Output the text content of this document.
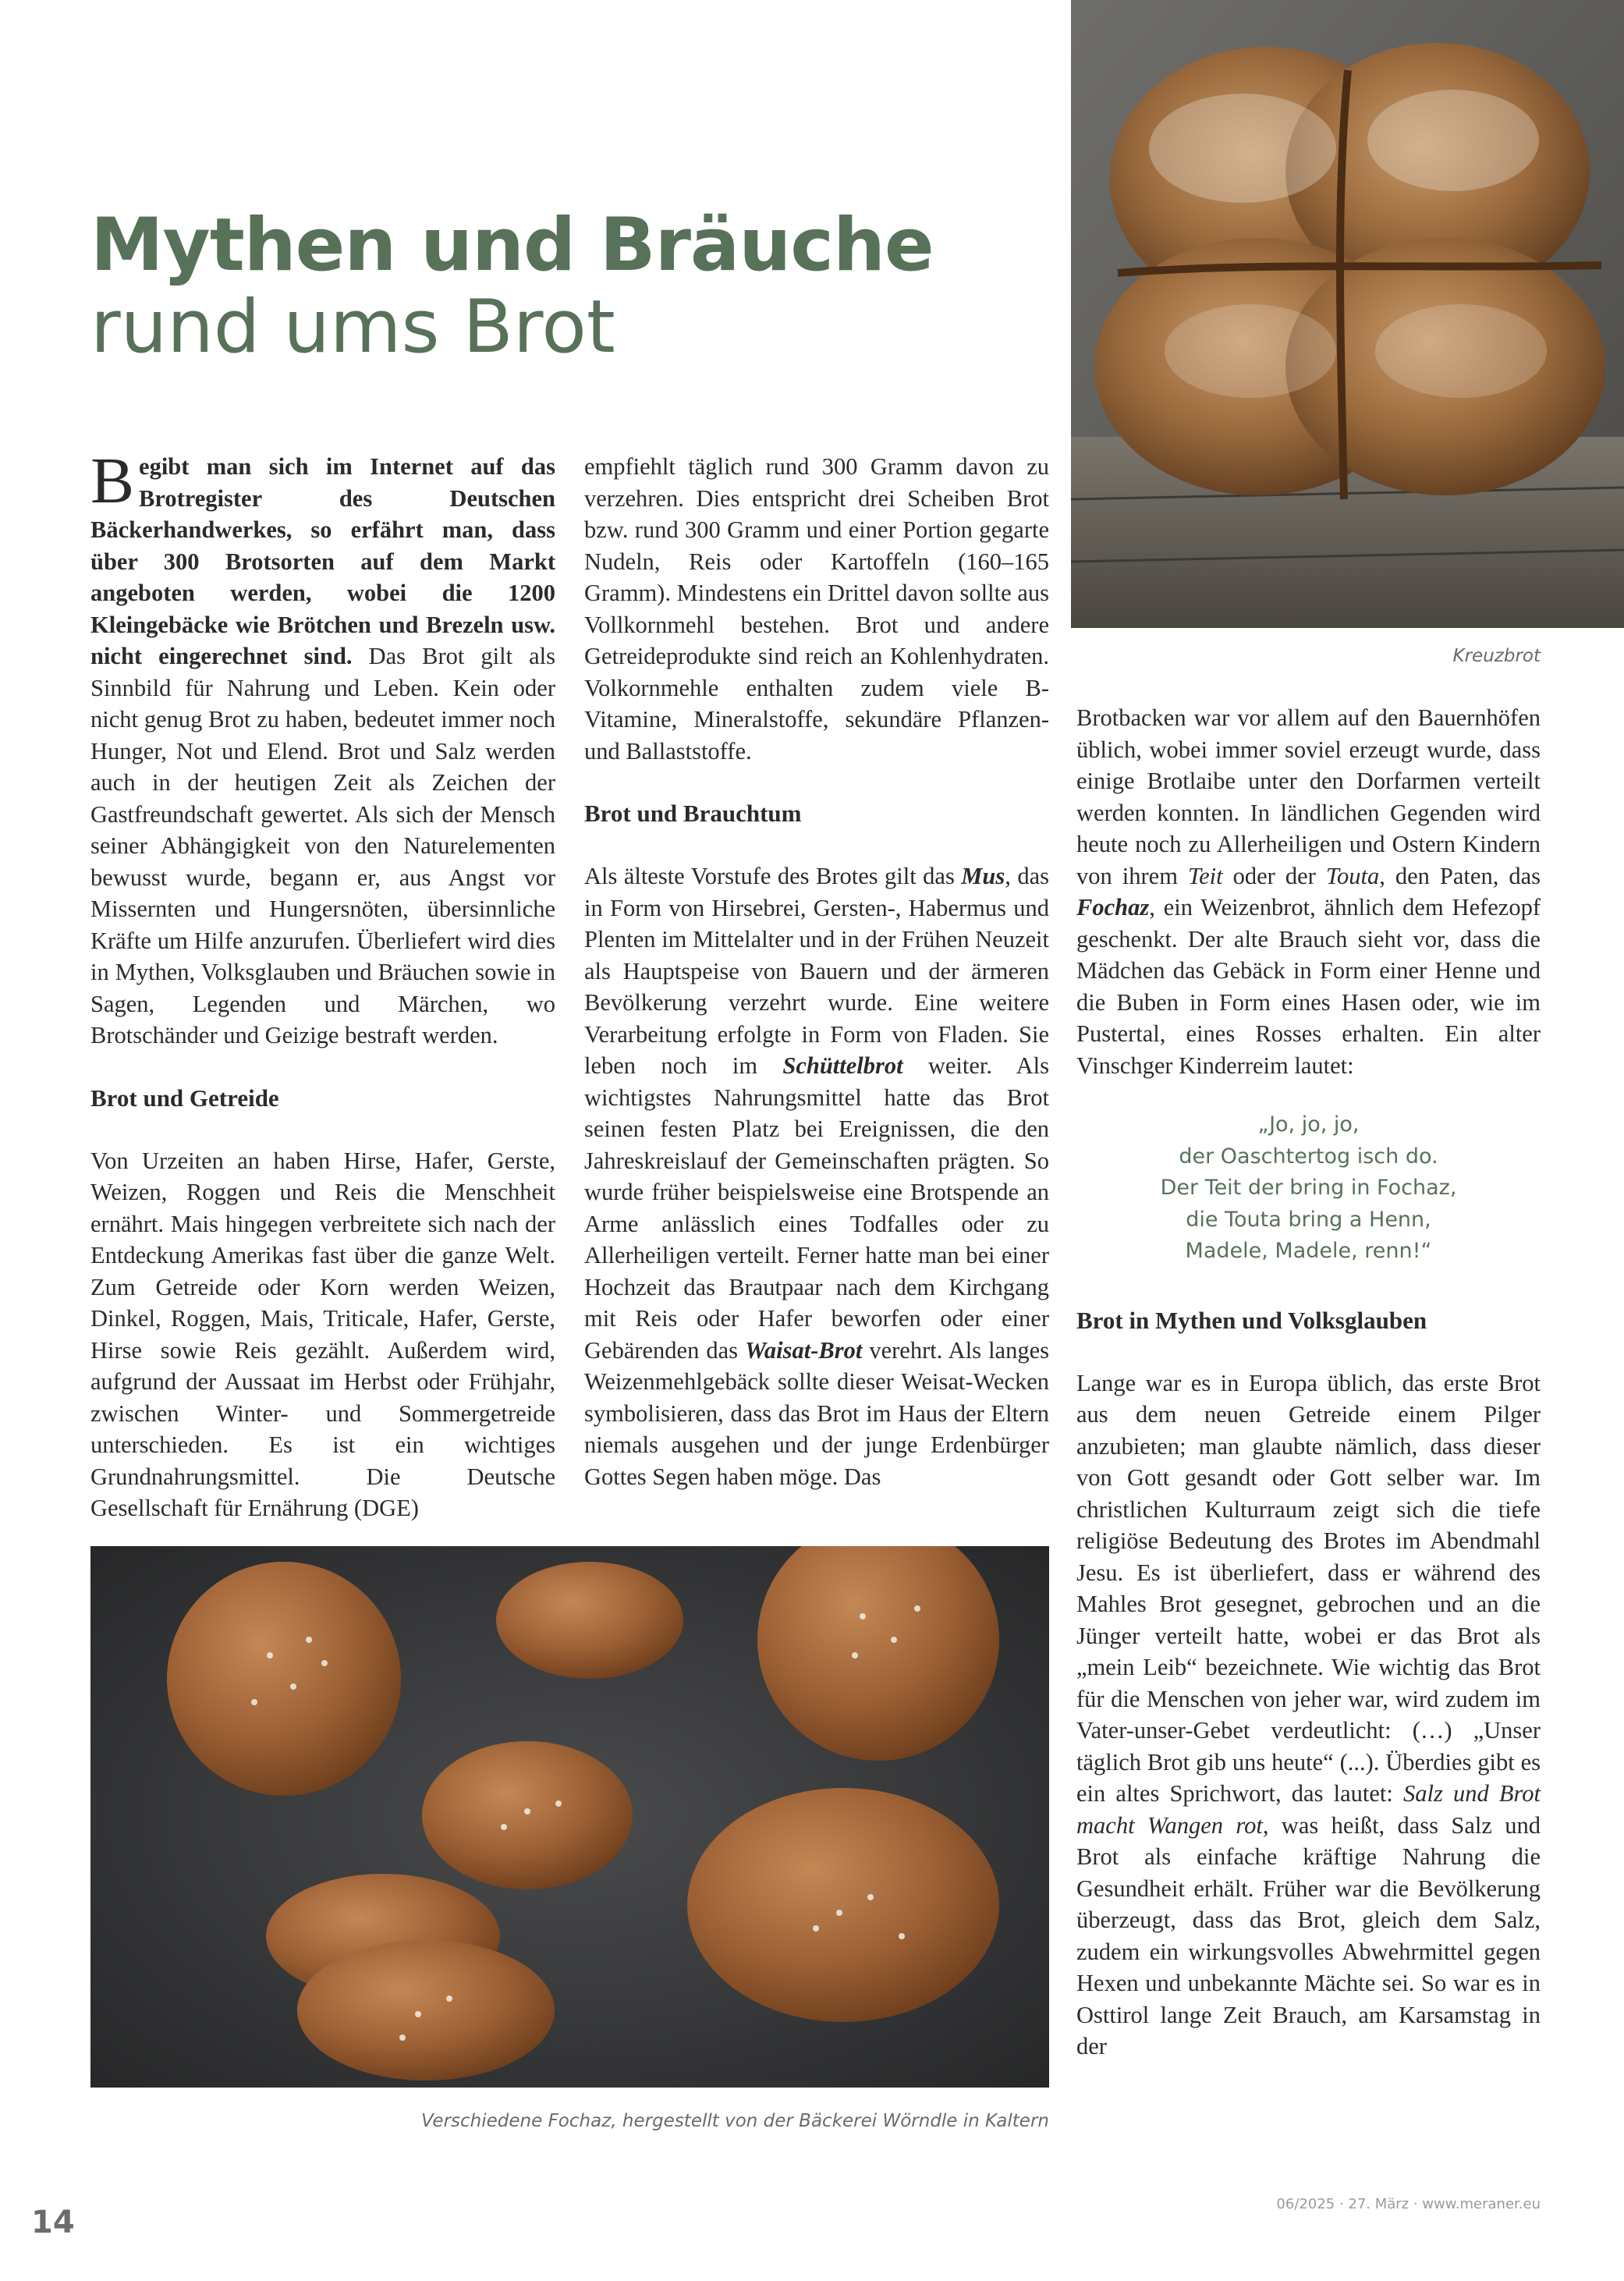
Mythen und Bräuche
rund ums Brot
Kreuzbrot

Begibt man sich im Internet auf das Brotregister des Deutschen Bäckerhandwerkes, so erfährt man, dass über 300 Brotsorten auf dem Markt angeboten werden, wobei die 1200 Kleingebäcke wie Brötchen und Brezeln usw. nicht eingerechnet sind. Das Brot gilt als Sinnbild für Nahrung und Leben. Kein oder nicht genug Brot zu haben, bedeutet immer noch Hunger, Not und Elend. Brot und Salz werden auch in der heutigen Zeit als Zeichen der Gastfreundschaft gewertet. Als sich der Mensch seiner Abhängigkeit von den Naturelementen bewusst wurde, begann er, aus Angst vor Missernten und Hungersnöten, übersinnliche Kräfte um Hilfe anzurufen. Überliefert wird dies in Mythen, Volksglauben und Bräuchen sowie in Sagen, Legenden und Märchen, wo Brotschänder und Geizige bestraft werden.

Brot und Getreide

Von Urzeiten an haben Hirse, Hafer, Gerste, Weizen, Roggen und Reis die Menschheit ernährt. Mais hingegen verbreitete sich nach der Entdeckung Amerikas fast über die ganze Welt. Zum Getreide oder Korn werden Weizen, Dinkel, Roggen, Mais, Triticale, Hafer, Gerste, Hirse sowie Reis gezählt. Außerdem wird, aufgrund der Aussaat im Herbst oder Frühjahr, zwischen Winter- und Sommergetreide unterschieden. Es ist ein wichtiges Grundnahrungsmittel. Die Deutsche Gesellschaft für Ernährung (DGE)

empfiehlt täglich rund 300 Gramm davon zu verzehren. Dies entspricht drei Scheiben Brot bzw. rund 300 Gramm und einer Portion gegarte Nudeln, Reis oder Kartoffeln (160–165 Gramm). Mindestens ein Drittel davon sollte aus Vollkornmehl bestehen. Brot und andere Getreideprodukte sind reich an Kohlenhydraten. Volkornmehle enthalten zudem viele B-Vitamine, Mineralstoffe, sekundäre Pflanzen- und Ballaststoffe.

Brot und Brauchtum

Als älteste Vorstufe des Brotes gilt das Mus, das in Form von Hirsebrei, Gersten-, Habermus und Plenten im Mittelalter und in der Frühen Neuzeit als Hauptspeise von Bauern und der ärmeren Bevölkerung verzehrt wurde. Eine weitere Verarbeitung erfolgte in Form von Fladen. Sie leben noch im Schüttelbrot weiter. Als wichtigstes Nahrungsmittel hatte das Brot seinen festen Platz bei Ereignissen, die den Jahreskreislauf der Gemeinschaften prägten. So wurde früher beispielsweise eine Brotspende an Arme anlässlich eines Todfalles oder zu Allerheiligen verteilt. Ferner hatte man bei einer Hochzeit das Brautpaar nach dem Kirchgang mit Reis oder Hafer beworfen oder einer Gebärenden das Waisat-Brot verehrt. Als langes Weizenmehlgebäck sollte dieser Weisat-Wecken symbolisieren, dass das Brot im Haus der Eltern niemals ausgehen und der junge Erdenbürger Gottes Segen haben möge. Das

Brotbacken war vor allem auf den Bauernhöfen üblich, wobei immer soviel erzeugt wurde, dass einige Brotlaibe unter den Dorfarmen verteilt werden konnten. In ländlichen Gegenden wird heute noch zu Allerheiligen und Ostern Kindern von ihrem Teit oder der Touta, den Paten, das Fochaz, ein Weizenbrot, ähnlich dem Hefezopf geschenkt. Der alte Brauch sieht vor, dass die Mädchen das Gebäck in Form einer Henne und die Buben in Form eines Hasen oder, wie im Pustertal, eines Rosses erhalten. Ein alter Vinschger Kinderreim lautet:

„Jo, jo, jo,
der Oaschtertog isch do.
Der Teit der bring in Fochaz,
die Touta bring a Henn,
Madele, Madele, renn!“
Brot in Mythen und Volksglauben

Lange war es in Europa üblich, das erste Brot aus dem neuen Getreide einem Pilger anzubieten; man glaubte nämlich, dass dieser von Gott gesandt oder Gott selber war. Im christlichen Kulturraum zeigt sich die tiefe religiöse Bedeutung des Brotes im Abendmahl Jesu. Es ist überliefert, dass er während des Mahles Brot gesegnet, gebrochen und an die Jünger verteilt hatte, wobei er das Brot als „mein Leib“ bezeichnete. Wie wichtig das Brot für die Menschen von jeher war, wird zudem im Vater-unser-Gebet verdeutlicht: (…) „Unser täglich Brot gib uns heute“ (...). Überdies gibt es ein altes Sprichwort, das lautet: Salz und Brot macht Wangen rot, was heißt, dass Salz und Brot als einfache kräftige Nahrung die Gesundheit erhält. Früher war die Bevölkerung überzeugt, dass das Brot, gleich dem Salz, zudem ein wirkungsvolles Abwehrmittel gegen Hexen und unbekannte Mächte sei. So war es in Osttirol lange Zeit Brauch, am Karsamstag in der

Verschiedene Fochaz, hergestellt von der Bäckerei Wörndle in Kaltern
14
06/2025 · 27. März · www.meraner.eu
